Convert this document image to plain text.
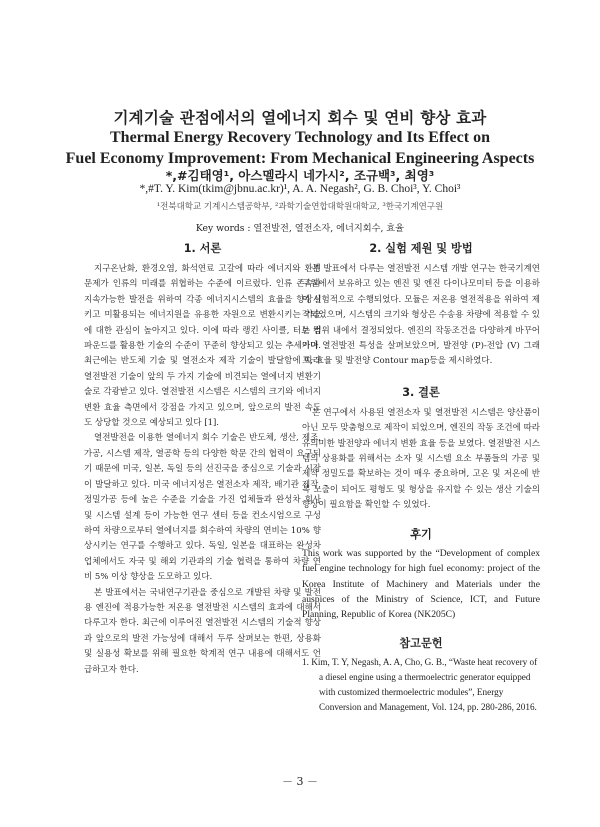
기계기술 관점에서의 열에너지 회수 및 연비 향상 효과
Thermal Energy Recovery Technology and Its Effect on
Fuel Economy Improvement: From Mechanical Engineering Aspects
*,#김태영¹, 아스멜라시 네가시², 조규백³, 최영³
*,#T. Y. Kim(tkim@jbnu.ac.kr)¹, A. A. Negash², G. B. Choi³, Y. Choi³
¹전북대학교 기계시스템공학부, ²과학기술연합대학원대학교, ³한국기계연구원
Key words : 열전발전, 열전소자, 에너지회수, 효율
1. 서론

지구온난화, 환경오염, 화석연료 고갈에 따라 에너지와 환경 문제가 인류의 미래를 위협하는 수준에 이르렀다. 인류 존속과 지속가능한 발전을 위하여 각종 에너지시스템의 효율을 향상시키고 미활용되는 에너지원을 유용한 자원으로 변환시키는 기술에 대한 관심이 높아지고 있다. 이에 따라 랭킨 사이클, 터보 컴파운드를 활용한 기술의 수준이 꾸준히 향상되고 있는 추세이다. 최근에는 반도체 기술 및 열전소자 제작 기술이 발달함에 따라 열전발전 기술이 앞의 두 가지 기술에 비견되는 열에너지 변환기술로 각광받고 있다. 열전발전 시스템은 시스템의 크기와 에너지 변환 효율 측면에서 강점을 가지고 있으며, 앞으로의 발전 속도도 상당할 것으로 예상되고 있다 [1].

열전발전을 이용한 열에너지 회수 기술은 반도체, 생산, 제조, 가공, 시스템 제작, 열공학 등의 다양한 학문 간의 협력이 요구되기 때문에 미국, 일본, 독일 등의 선진국을 중심으로 기술과 시장이 발달하고 있다. 미국 에너지성은 열전소자 제작, 배기관 제작, 정밀가공 등에 높은 수준을 기술을 가진 업체들과 완성차 회사 및 시스템 설계 등이 가능한 연구 센터 등을 컨소시엄으로 구성하여 차량으로부터 열에너지를 회수하여 차량의 연비는 10% 향상시키는 연구를 수행하고 있다. 독일, 일본을 대표하는 완성차 업체에서도 자국 및 해외 기관과의 기술 협력을 통하여 차량 연비 5% 이상 향상을 도모하고 있다.

본 발표에서는 국내연구기관을 중심으로 개발된 차량 및 발전용 엔진에 적용가능한 저온용 열전발전 시스템의 효과에 대해서 다루고자 한다. 최근에 이루어진 열전발전 시스템의 기술적 향상과 앞으로의 발전 가능성에 대해서 두루 살펴보는 한편, 상용화 및 실용성 확보를 위해 필요한 학계적 연구 내용에 대해서도 언급하고자 한다.

2. 실험 제원 및 방법

본 발표에서 다루는 열전발전 시스템 개발 연구는 한국기계연구원에서 보유하고 있는 엔진 및 엔진 다이나모미터 등을 이용하여 실험적으로 수행되었다. 모듈은 저온용 열전적용을 위하여 제작되었으며, 시스템의 크기와 형상은 수송용 차량에 적용할 수 있는 범위 내에서 결정되었다. 엔진의 작동조건을 다양하게 바꾸어가며 열전발전 특성을 살펴보았으며, 발전양 (P)-전압 (V) 그래프, 효율 및 발전양 Contour map등을 제시하였다.

3. 결론

본 연구에서 사용된 열전소자 및 열전발전 시스템은 양산품이 아닌 모두 맞춤형으로 제작이 되었으며, 엔진의 작동 조건에 따라 유의미한 발전양과 에너지 변환 효율 등을 보였다. 열전발전 시스템의 상용화를 위해서는 소자 및 시스템 요소 부품들의 가공 및 제작 정밀도를 확보하는 것이 매우 중요하며, 고온 및 저온에 반복 노출이 되어도 평형도 및 형상을 유지할 수 있는 생산 기술의 향상이 필요함을 확인할 수 있었다.

후기

This work was supported by the “Development of complex fuel engine technology for high fuel economy: project of the Korea Institute of Machinery and Materials under the auspices of the Ministry of Science, ICT, and Future Planning, Republic of Korea (NK205C)

참고문헌

1. Kim, T. Y, Negash, A. A, Cho, G. B., “Waste heat recovery of a diesel engine using a thermoelectric generator equipped with customized thermoelectric modules”, Energy Conversion and Management, Vol. 124, pp. 280-286, 2016.

－ 3 －
